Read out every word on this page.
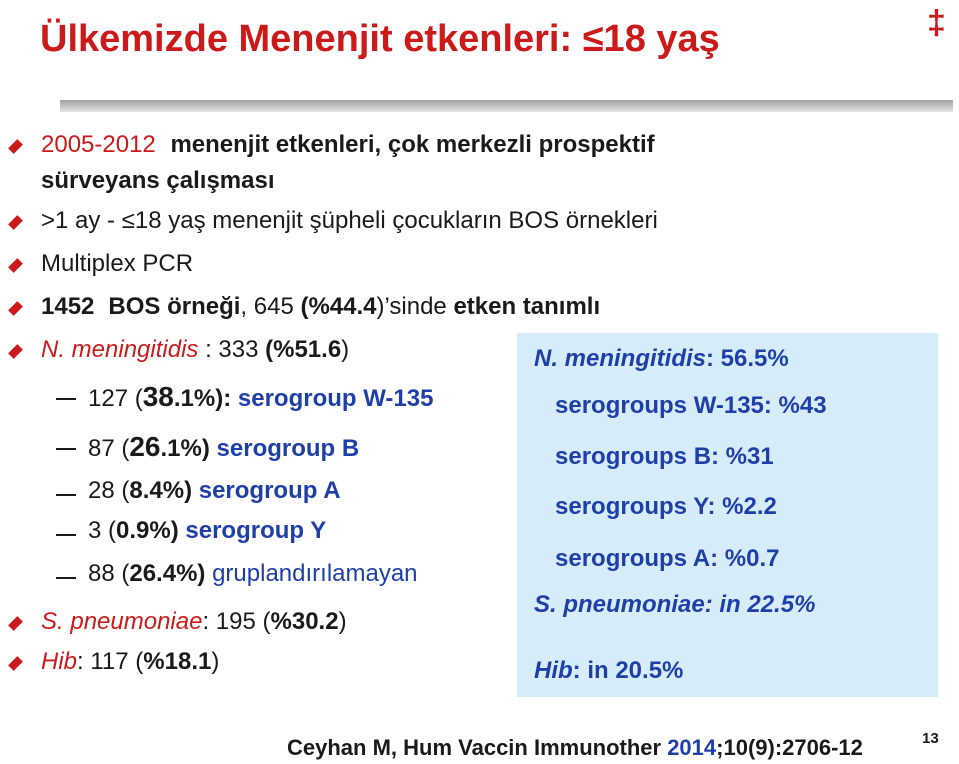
Ülkemizde Menenjit etkenleri: ≤18 yaş	‡
2005-2012 menenjit etkenleri, çok merkezli prospektif
sürveyans çalışması
>1 ay - ≤18 yaş menenjit şüpheli çocukların BOS örnekleri
Multiplex PCR
1452 BOS örneği, 645 (%44.4)’sinde etken tanımlı
N. meningitidis : 333 (%51.6)
127 (38.1%): serogroup W-135
87 (26.1%) serogroup B
28 (8.4%) serogroup A
3 (0.9%) serogroup Y
88 (26.4%) gruplandırılamayan
S. pneumoniae: 195 (%30.2)
Hib: 117 (%18.1)
N. meningitidis: 56.5%
serogroups W-135: %43
serogroups B: %31
serogroups Y: %2.2
serogroups A: %0.7
S. pneumoniae: in 22.5%
Hib: in 20.5%
Ceyhan M, Hum Vaccin Immunother 2014;10(9):2706-12	13
